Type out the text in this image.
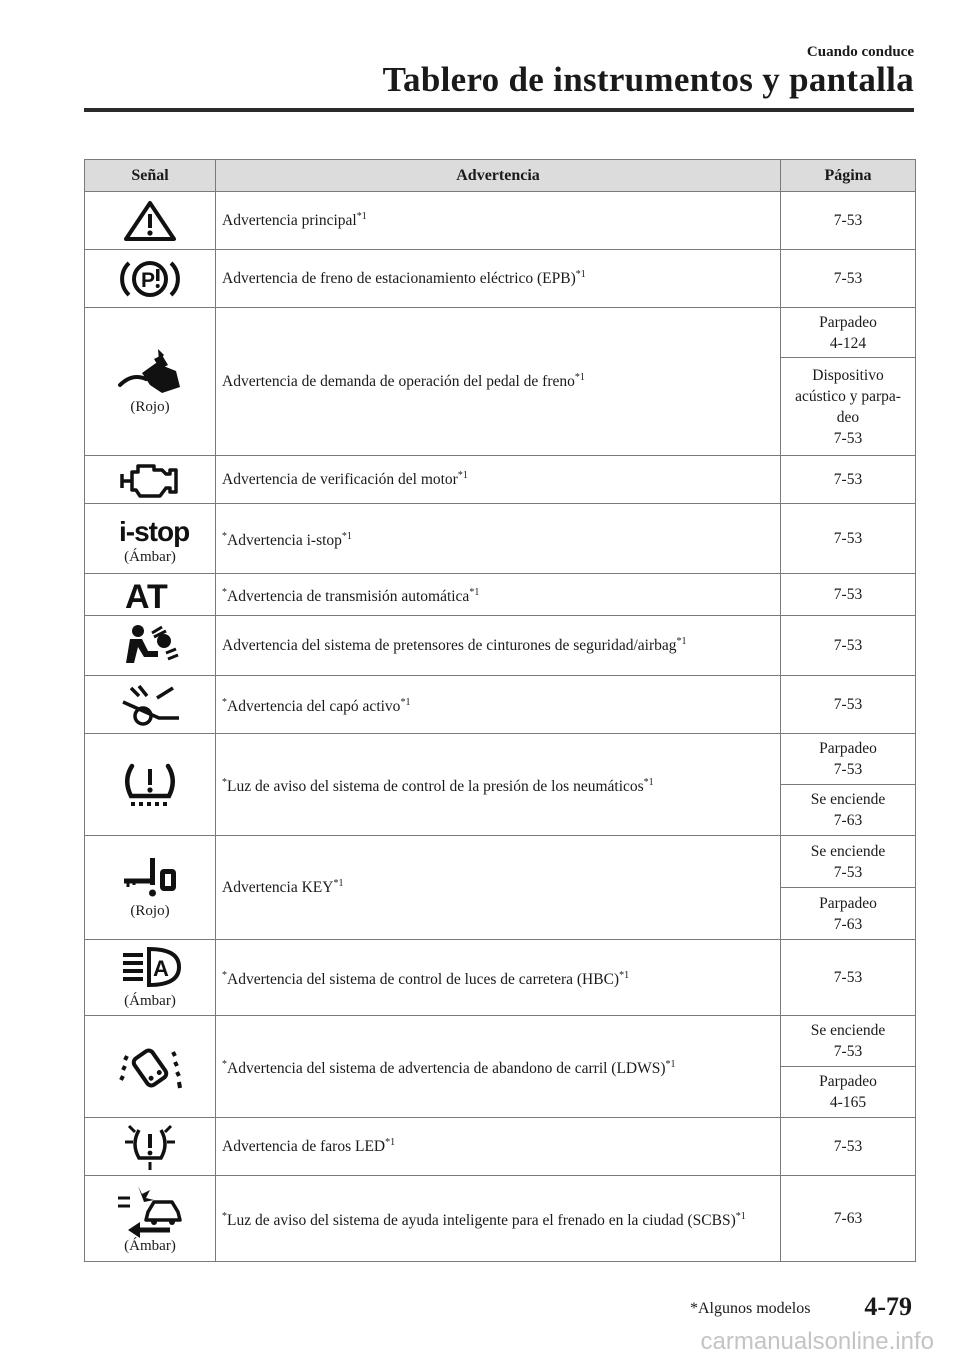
Cuando conduce
Tablero de instrumentos y pantalla
Señal	Advertencia	Página

	Advertencia principal$^{*1}$	7-53

P	Advertencia de freno de estacionamiento eléctrico (EPB)$^{*1}$	7-53

(Rojo)	Advertencia de demanda de operación del pedal de freno$^{*1}$	Parpadeo
4-124
		Dispositivo
acústico y parpa-
deo
7-53

	Advertencia de verificación del motor$^{*1}$	7-53

i-stop
(Ámbar)	*Advertencia i-stop$^{*1}$	7-53

AT	*Advertencia de transmisión automática$^{*1}$	7-53

	Advertencia del sistema de pretensores de cinturones de seguridad/airbag$^{*1}$	7-53

	*Advertencia del capó activo$^{*1}$	7-53

	*Luz de aviso del sistema de control de la presión de los neumáticos$^{*1}$	Parpadeo
7-53
		Se enciende
7-63

(Rojo)	Advertencia KEY$^{*1}$	Se enciende
7-53
		Parpadeo
7-63

A
(Ámbar)	*Advertencia del sistema de control de luces de carretera (HBC)$^{*1}$	7-53

	*Advertencia del sistema de advertencia de abandono de carril (LDWS)$^{*1}$	Se enciende
7-53
		Parpadeo
4-165

	Advertencia de faros LED$^{*1}$	7-53

(Ámbar)	*Luz de aviso del sistema de ayuda inteligente para el frenado en la ciudad (SCBS)$^{*1}$	7-63
*Algunos modelos 4-79
carmanualsonline.info
